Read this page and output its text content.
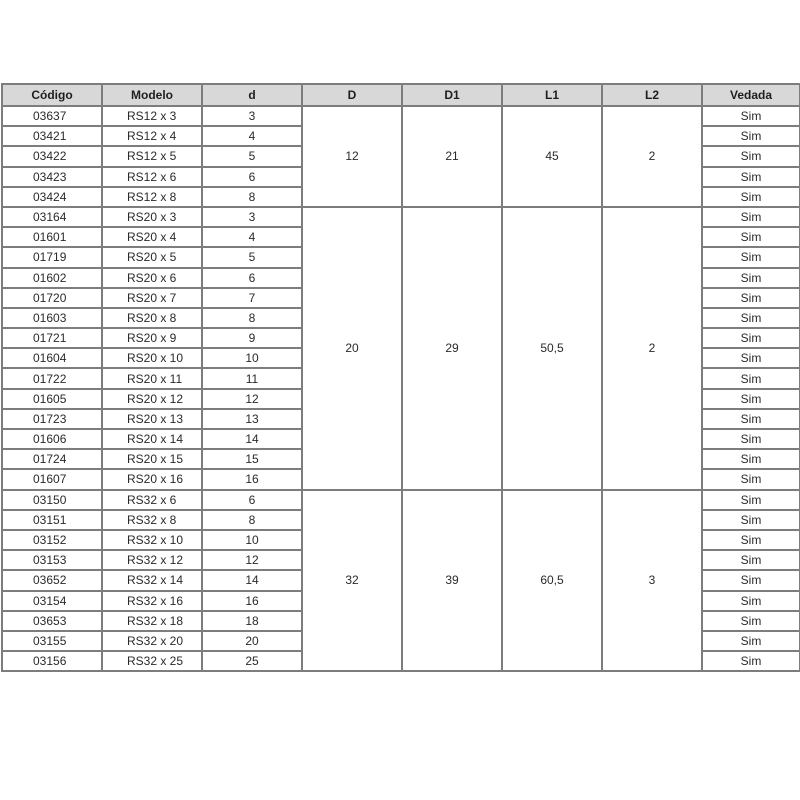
Código	Modelo	d	D	D1	L1	L2	Vedada
03637	RS12 x 3	3	12	21	45	2	Sim
03421	RS12 x 4	4					Sim
03422	RS12 x 5	5					Sim
03423	RS12 x 6	6					Sim
03424	RS12 x 8	8					Sim
03164	RS20 x 3	3	20	29	50,5	2	Sim
01601	RS20 x 4	4					Sim
01719	RS20 x 5	5					Sim
01602	RS20 x 6	6					Sim
01720	RS20 x 7	7					Sim
01603	RS20 x 8	8					Sim
01721	RS20 x 9	9					Sim
01604	RS20 x 10	10					Sim
01722	RS20 x 11	11					Sim
01605	RS20 x 12	12					Sim
01723	RS20 x 13	13					Sim
01606	RS20 x 14	14					Sim
01724	RS20 x 15	15					Sim
01607	RS20 x 16	16					Sim
03150	RS32 x 6	6	32	39	60,5	3	Sim
03151	RS32 x 8	8					Sim
03152	RS32 x 10	10					Sim
03153	RS32 x 12	12					Sim
03652	RS32 x 14	14					Sim
03154	RS32 x 16	16					Sim
03653	RS32 x 18	18					Sim
03155	RS32 x 20	20					Sim
03156	RS32 x 25	25					Sim
